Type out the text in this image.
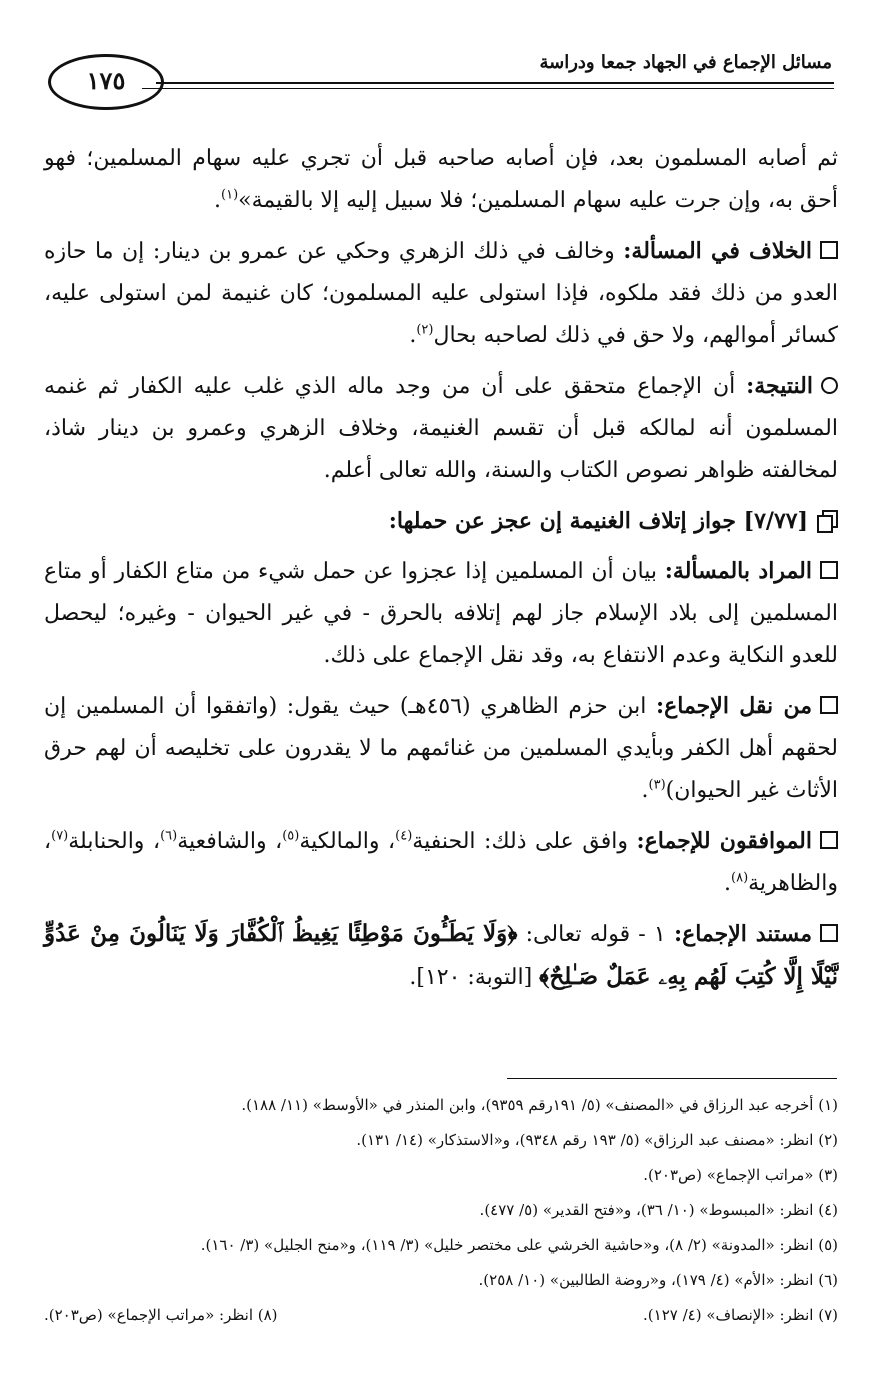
١٧٥
مسائل الإجماع في الجهاد جمعا ودراسة

ثم أصابه المسلمون بعد، فإن أصابه صاحبه قبل أن تجري عليه سهام المسلمين؛ فهو أحق به، وإن جرت عليه سهام المسلمين؛ فلا سبيل إليه إلا بالقيمة»$^{(١)}$.

الخلاف في المسألة: وخالف في ذلك الزهري وحكي عن عمرو بن دينار: إن ما حازه العدو من ذلك فقد ملكوه، فإذا استولى عليه المسلمون؛ كان غنيمة لمن استولى عليه، كسائر أموالهم، ولا حق في ذلك لصاحبه بحال$^{(٢)}$.

النتيجة: أن الإجماع متحقق على أن من وجد ماله الذي غلب عليه الكفار ثم غنمه المسلمون أنه لمالكه قبل أن تقسم الغنيمة، وخلاف الزهري وعمرو بن دينار شاذ، لمخالفته ظواهر نصوص الكتاب والسنة، والله تعالى أعلم.

[٧/٧٧] جواز إتلاف الغنيمة إن عجز عن حملها:

المراد بالمسألة: بيان أن المسلمين إذا عجزوا عن حمل شيء من متاع الكفار أو متاع المسلمين إلى بلاد الإسلام جاز لهم إتلافه بالحرق - في غير الحيوان - وغيره؛ ليحصل للعدو النكاية وعدم الانتفاع به، وقد نقل الإجماع على ذلك.

من نقل الإجماع: ابن حزم الظاهري (٤٥٦هـ) حيث يقول: (واتفقوا أن المسلمين إن لحقهم أهل الكفر وبأيدي المسلمين من غنائمهم ما لا يقدرون على تخليصه أن لهم حرق الأثاث غير الحيوان)$^{(٣)}$.

الموافقون للإجماع: وافق على ذلك: الحنفية$^{(٤)}$، والمالكية$^{(٥)}$، والشافعية$^{(٦)}$، والحنابلة$^{(٧)}$، والظاهرية$^{(٨)}$.

مستند الإجماع: ١ - قوله تعالى: ﴿وَلَا يَطَـُٔونَ مَوْطِئًا يَغِيظُ ٱلْكُفَّارَ وَلَا يَنَالُونَ مِنْ عَدُوٍّ نَّيْلًا إِلَّا كُتِبَ لَهُم بِهِۦ عَمَلٌ صَـٰلِحٌ﴾ [التوبة: ١٢٠].

(١) أخرجه عبد الرزاق في «المصنف» (٥/ ١٩١رقم ٩٣٥٩)، وابن المنذر في «الأوسط» (١١/ ١٨٨).

(٢) انظر: «مصنف عبد الرزاق» (٥/ ١٩٣ رقم ٩٣٤٨)، و«الاستذكار» (١٤/ ١٣١).

(٣) «مراتب الإجماع» (ص٢٠٣).

(٤) انظر: «المبسوط» (١٠/ ٣٦)، و«فتح القدير» (٥/ ٤٧٧).

(٥) انظر: «المدونة» (٢/ ٨)، و«حاشية الخرشي على مختصر خليل» (٣/ ١١٩)، و«منح الجليل» (٣/ ١٦٠).

(٦) انظر: «الأم» (٤/ ١٧٩)، و«روضة الطالبين» (١٠/ ٢٥٨).

(٧) انظر: «الإنصاف» (٤/ ١٢٧).
(٨) انظر: «مراتب الإجماع» (ص٢٠٣).
